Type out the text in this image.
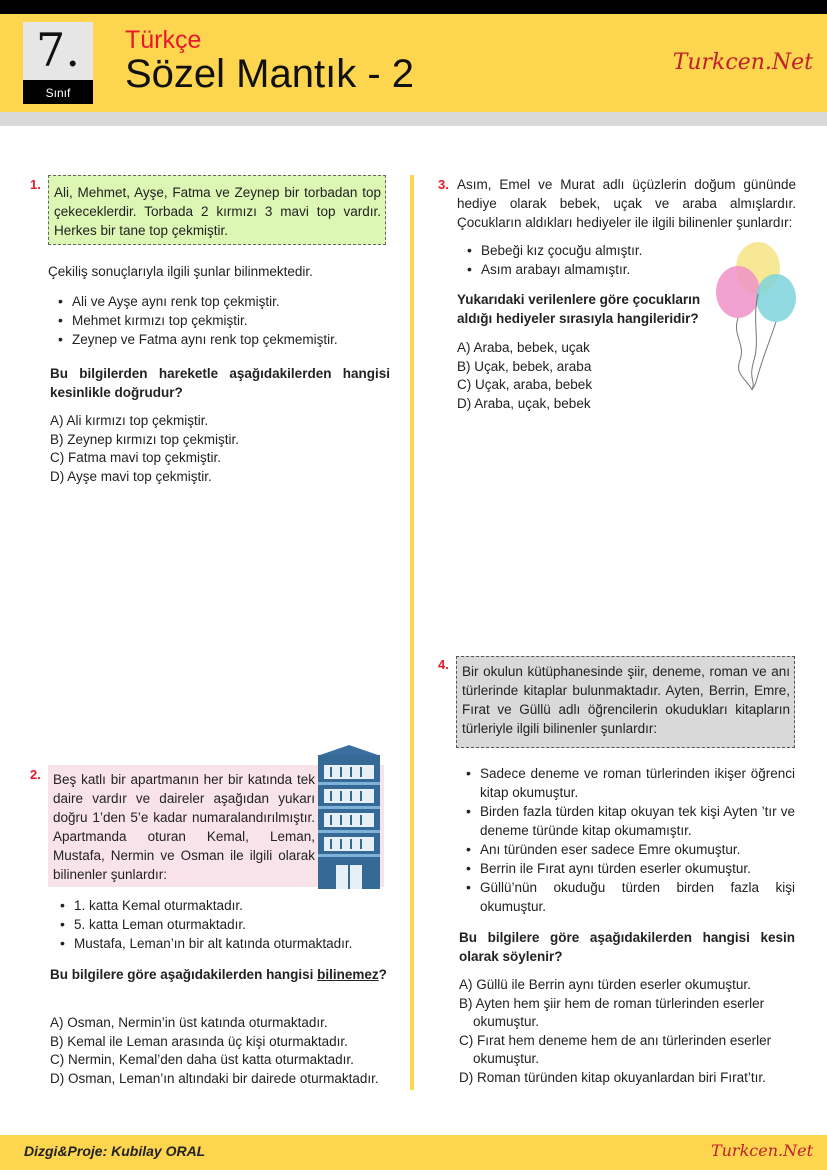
7.
Sınıf
Türkçe
Sözel Mantık - 2	Turkcen.Net
1.
Ali, Mehmet, Ayşe, Fatma ve Zeynep bir torbadan top çekeceklerdir. Torbada 2 kırmızı 3 mavi top vardır. Herkes bir tane top çekmiştir.
Çekiliş sonuçlarıyla ilgili şunlar bilinmektedir.
• Ali ve Ayşe aynı renk top çekmiştir.
• Mehmet kırmızı top çekmiştir.
• Zeynep ve Fatma aynı renk top çekmemiştir.
Bu bilgilerden hareketle aşağıdakilerden hangisi kesinlikle doğrudur?
A) Ali kırmızı top çekmiştir.
B) Zeynep kırmızı top çekmiştir.
C) Fatma mavi top çekmiştir.
D) Ayşe mavi top çekmiştir.
2. Beş katlı bir apartmanın her bir katında tek daire vardır ve daireler aşağıdan yukarı doğru 1’den 5’e kadar numaralandırılmıştır. Apartmanda oturan Kemal, Leman, Mustafa, Nermin ve Osman ile ilgili olarak bilinenler şunlardır:
• 1. katta Kemal oturmaktadır.
• 5. katta Leman oturmaktadır.
• Mustafa, Leman’ın bir alt katında oturmaktadır.
Bu bilgilere göre aşağıdakilerden hangisi bilinemez?
A) Osman, Nermin’in üst katında oturmaktadır.
B) Kemal ile Leman arasında üç kişi oturmaktadır.
C) Nermin, Kemal’den daha üst katta oturmaktadır.
D) Osman, Leman’ın altındaki bir dairede oturmaktadır.
3. Asım, Emel ve Murat adlı üçüzlerin doğum gününde hediye olarak bebek, uçak ve araba almışlardır. Çocukların aldıkları hediyeler ile ilgili bilinenler şunlardır:
• Bebeği kız çocuğu almıştır.
• Asım arabayı almamıştır.
Yukarıdaki verilenlere göre çocukların aldığı hediyeler sırasıyla hangileridir?
A) Araba, bebek, uçak
B) Uçak, bebek, araba
C) Uçak, araba, bebek
D) Araba, uçak, bebek
4. Bir okulun kütüphanesinde şiir, deneme, roman ve anı türlerinde kitaplar bulunmaktadır. Ayten, Berrin, Emre, Fırat ve Güllü adlı öğrencilerin okudukları kitapların türleriyle ilgili bilinenler şunlardır:
• Sadece deneme ve roman türlerinden ikişer öğrenci kitap okumuştur.
• Birden fazla türden kitap okuyan tek kişi Ayten ’tır ve deneme türünde kitap okumamıştır.
• Anı türünden eser sadece Emre okumuştur.
• Berrin ile Fırat aynı türden eserler okumuştur.
• Güllü’nün okuduğu türden birden fazla kişi okumuştur.
Bu bilgilere göre aşağıdakilerden hangisi kesin olarak söylenir?
A) Güllü ile Berrin aynı türden eserler okumuştur.
B) Ayten hem şiir hem de roman türlerinden eserler okumuştur.
C) Fırat hem deneme hem de anı türlerinden eserler okumuştur.
D) Roman türünden kitap okuyanlardan biri Fırat’tır.
Dizgi&Proje: Kubilay ORAL	Turkcen.Net
